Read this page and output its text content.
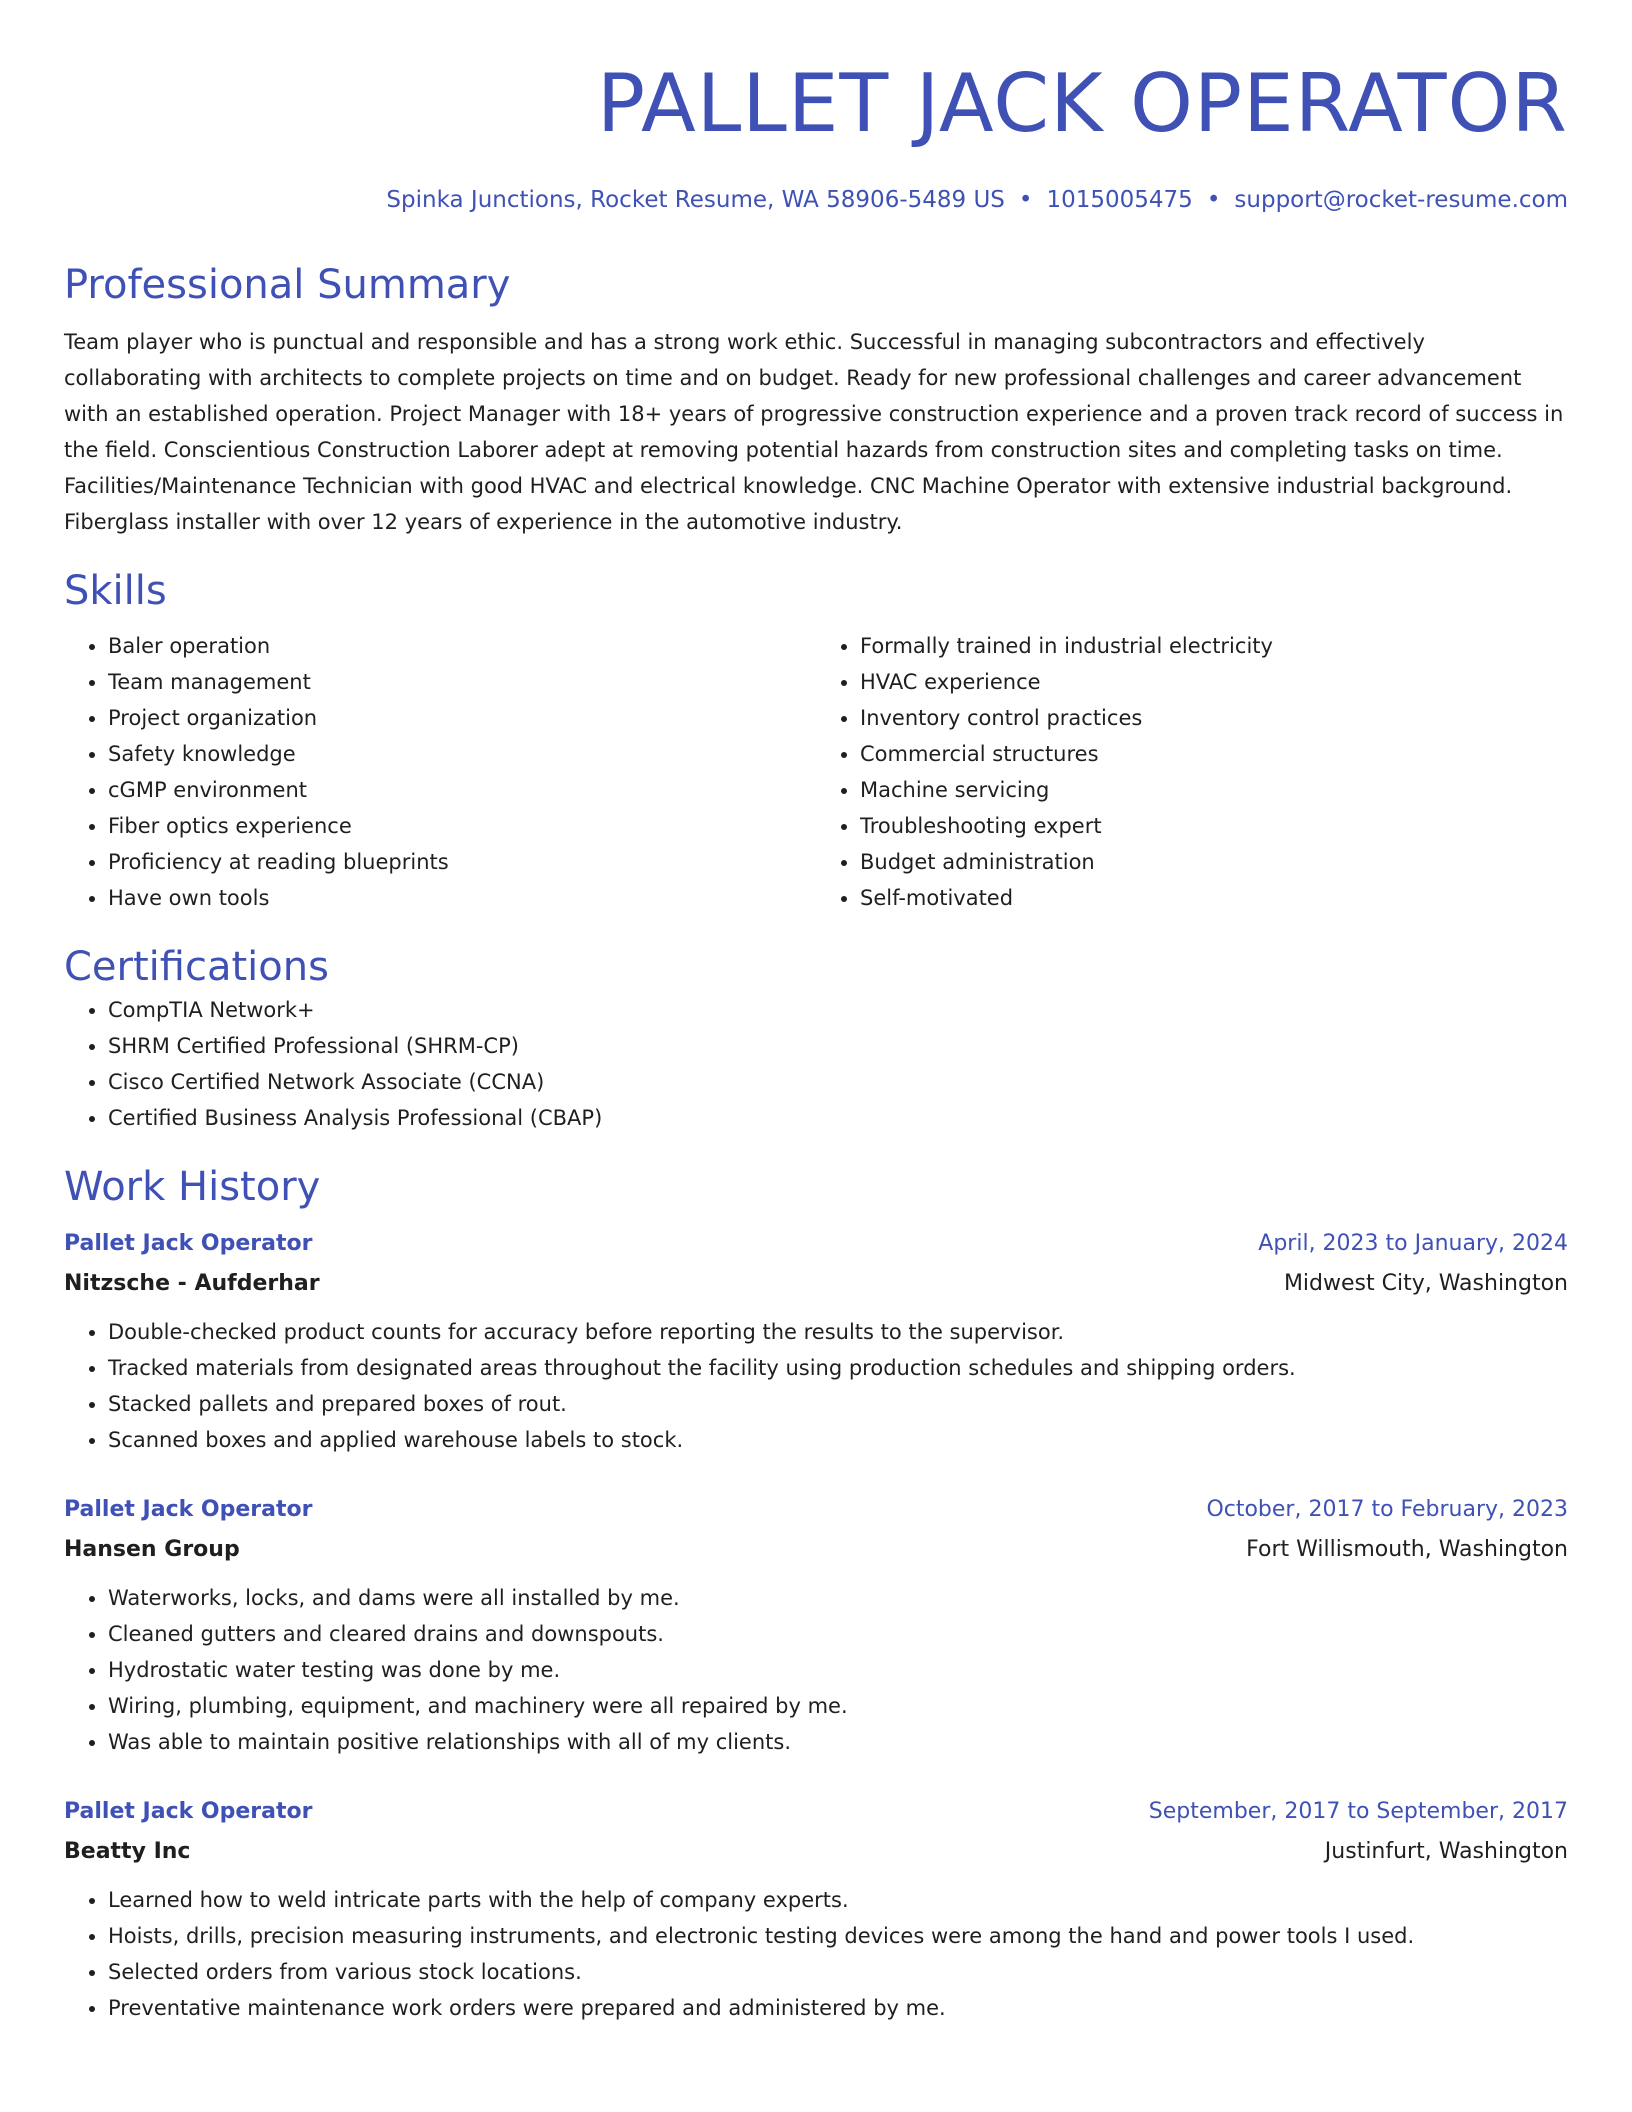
PALLET JACK OPERATOR
Spinka Junctions, Rocket Resume, WA 58906-5489 US • 1015005475 • support@rocket-resume.com
Professional Summary

Team player who is punctual and responsible and has a strong work ethic. Successful in managing subcontractors and effectively collaborating with architects to complete projects on time and on budget. Ready for new professional challenges and career advancement with an established operation. Project Manager with 18+ years of progressive construction experience and a proven track record of success in the field. Conscientious Construction Laborer adept at removing potential hazards from construction sites and completing tasks on time. Facilities/Maintenance Technician with good HVAC and electrical knowledge. CNC Machine Operator with extensive industrial background. Fiberglass installer with over 12 years of experience in the automotive industry.

Skills
• Baler operation
• Team management
• Project organization
• Safety knowledge
• cGMP environment
• Fiber optics experience
• Proficiency at reading blueprints
• Have own tools
• Formally trained in industrial electricity
• HVAC experience
• Inventory control practices
• Commercial structures
• Machine servicing
• Troubleshooting expert
• Budget administration
• Self-motivated
Certifications
• CompTIA Network+
• SHRM Certified Professional (SHRM-CP)
• Cisco Certified Network Associate (CCNA)
• Certified Business Analysis Professional (CBAP)
Work History
Pallet Jack Operator	April, 2023 to January, 2024
Nitzsche - Aufderhar	Midwest City, Washington
• Double-checked product counts for accuracy before reporting the results to the supervisor.
• Tracked materials from designated areas throughout the facility using production schedules and shipping orders.
• Stacked pallets and prepared boxes of rout.
• Scanned boxes and applied warehouse labels to stock.
Pallet Jack Operator	October, 2017 to February, 2023
Hansen Group	Fort Willismouth, Washington
• Waterworks, locks, and dams were all installed by me.
• Cleaned gutters and cleared drains and downspouts.
• Hydrostatic water testing was done by me.
• Wiring, plumbing, equipment, and machinery were all repaired by me.
• Was able to maintain positive relationships with all of my clients.
Pallet Jack Operator	September, 2017 to September, 2017
Beatty Inc	Justinfurt, Washington
• Learned how to weld intricate parts with the help of company experts.
• Hoists, drills, precision measuring instruments, and electronic testing devices were among the hand and power tools I used.
• Selected orders from various stock locations.
• Preventative maintenance work orders were prepared and administered by me.
